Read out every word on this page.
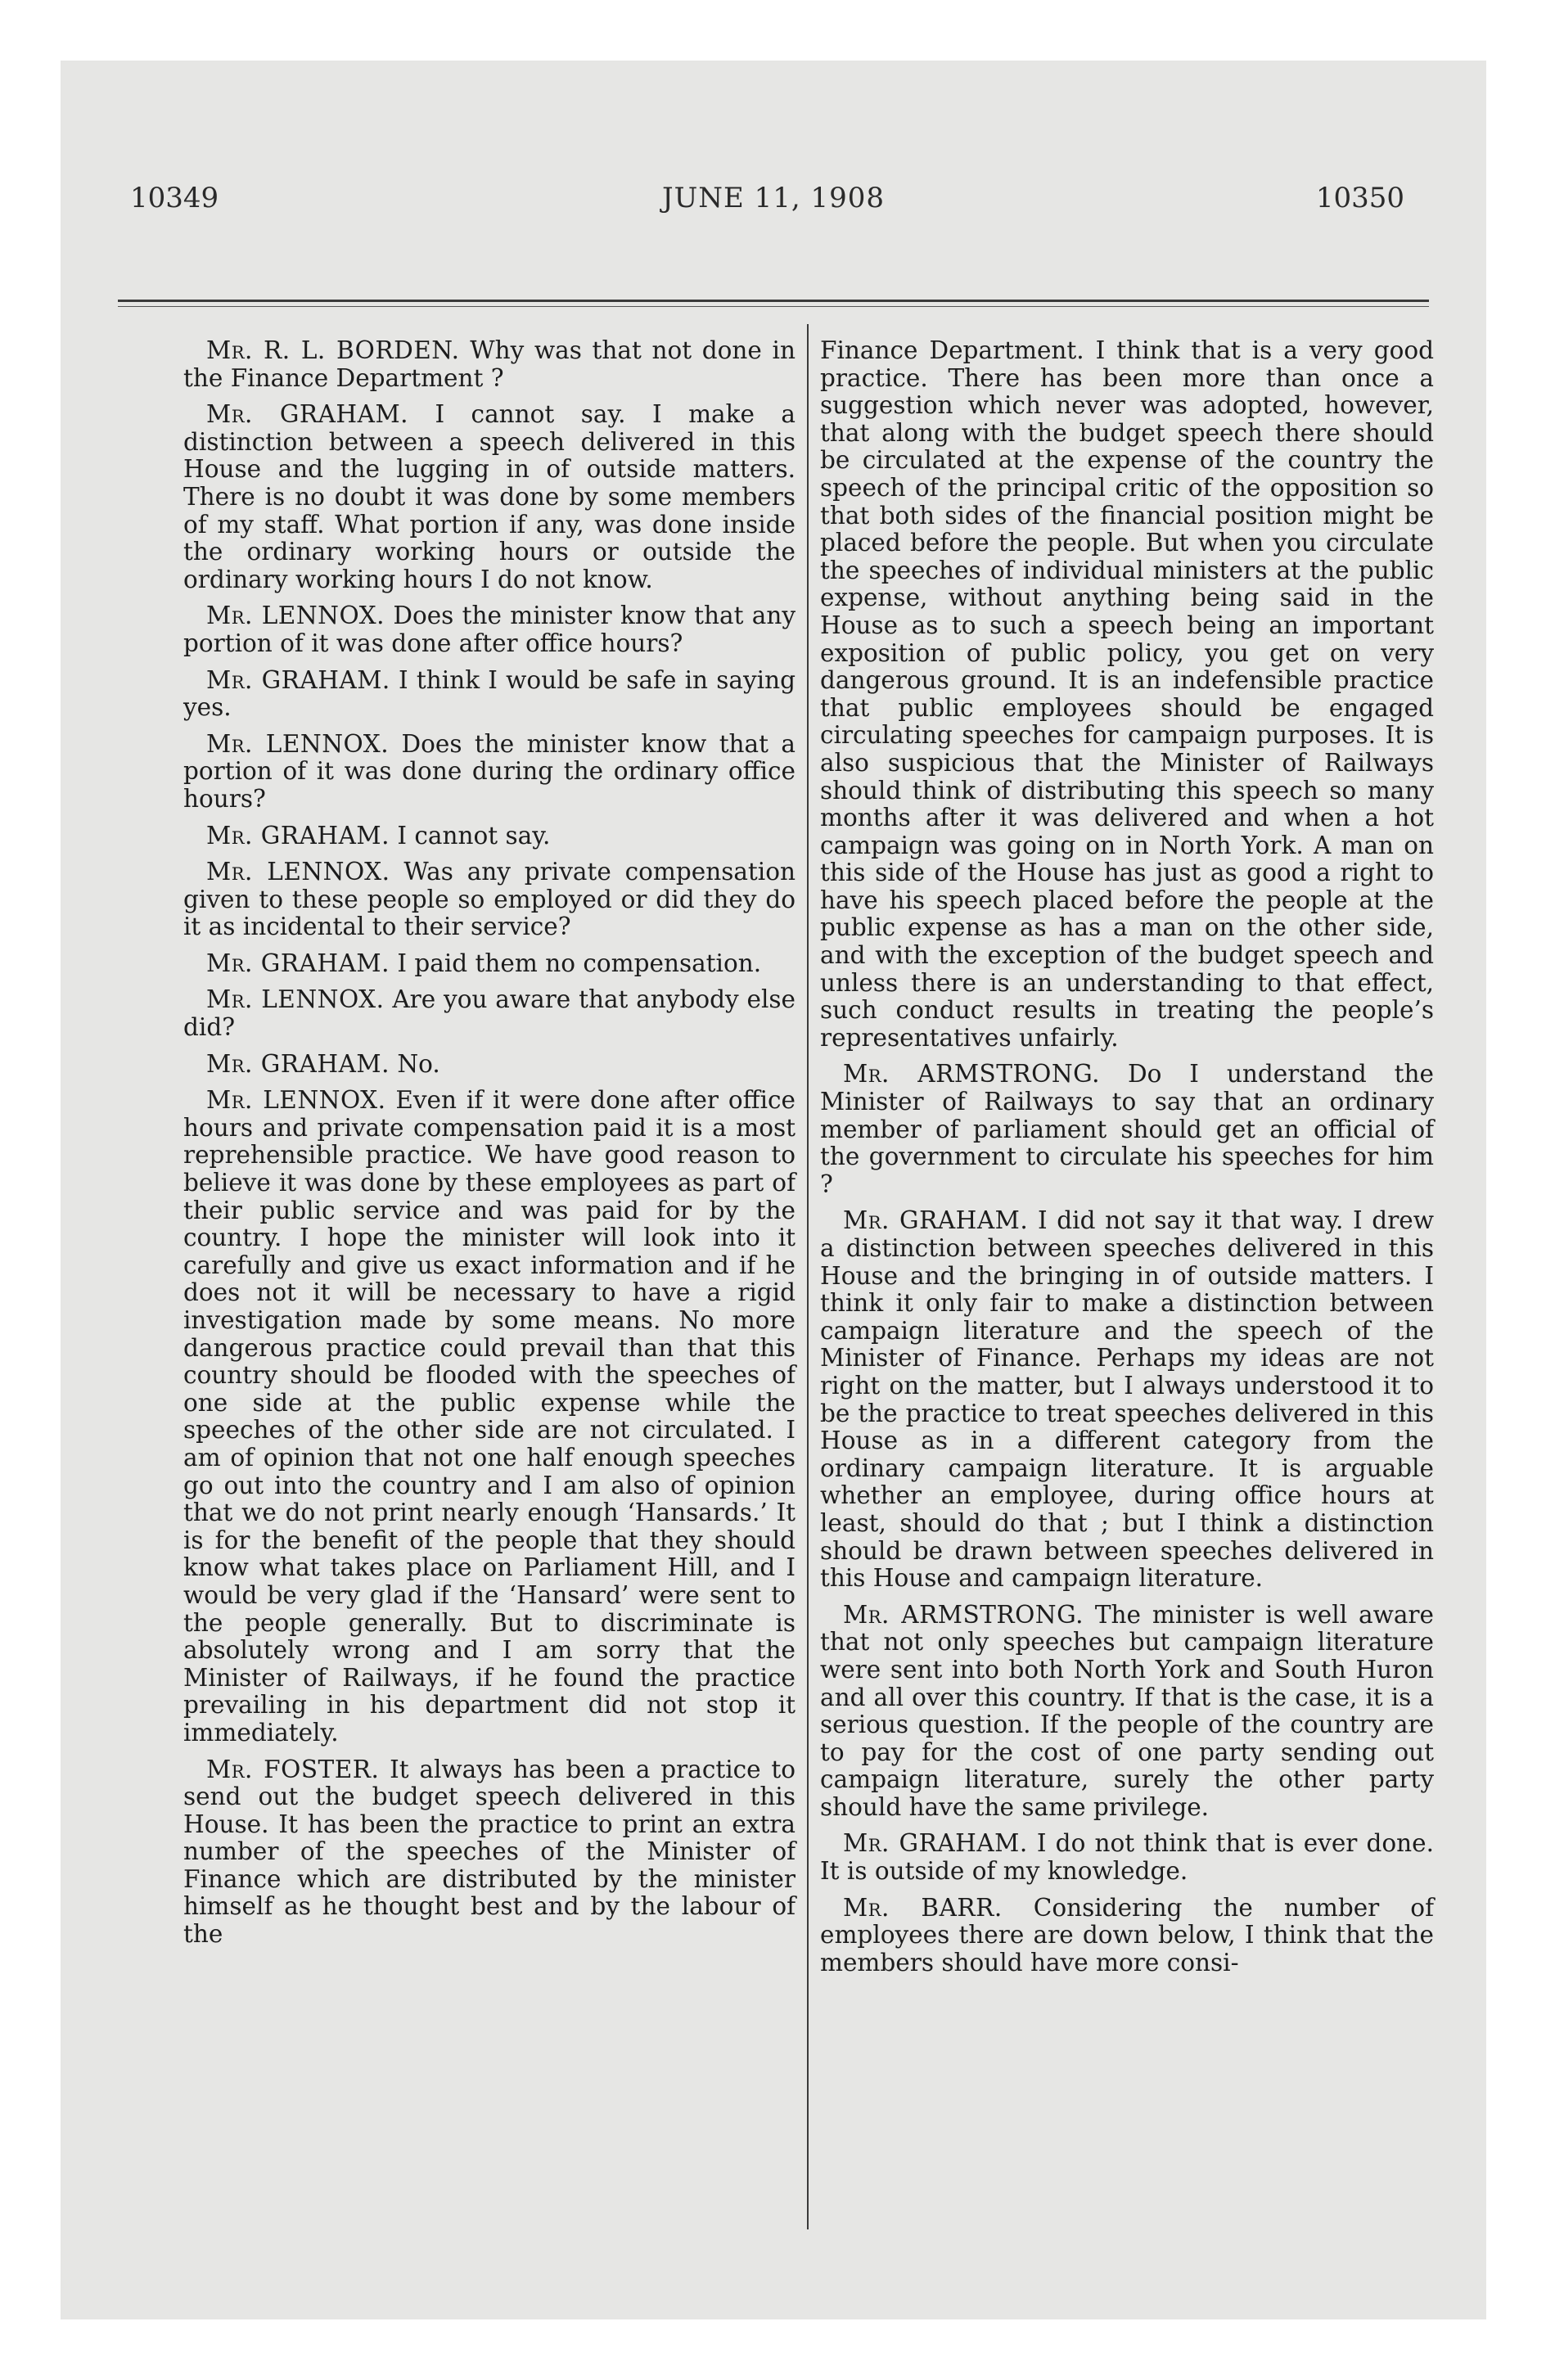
10349	JUNE 11, 1908	10350

Mr. R. L. BORDEN. Why was that not done in the Finance Department ?

Mr. GRAHAM. I cannot say. I make a distinction between a speech delivered in this House and the lugging in of outside matters. There is no doubt it was done by some members of my staff. What portion if any, was done inside the ordinary working hours or outside the ordinary working hours I do not know.

Mr. LENNOX. Does the minister know that any portion of it was done after office hours?

Mr. GRAHAM. I think I would be safe in saying yes.

Mr. LENNOX. Does the minister know that a portion of it was done during the ordinary office hours?

Mr. GRAHAM. I cannot say.

Mr. LENNOX. Was any private compensation given to these people so employed or did they do it as incidental to their service?

Mr. GRAHAM. I paid them no compensation.

Mr. LENNOX. Are you aware that anybody else did?

Mr. GRAHAM. No.

Mr. LENNOX. Even if it were done after office hours and private compensation paid it is a most reprehensible practice. We have good reason to believe it was done by these employees as part of their public service and was paid for by the country. I hope the minister will look into it carefully and give us exact information and if he does not it will be necessary to have a rigid investigation made by some means. No more dangerous practice could prevail than that this country should be flooded with the speeches of one side at the public expense while the speeches of the other side are not circulated. I am of opinion that not one half enough speeches go out into the country and I am also of opinion that we do not print nearly enough ‘Hansards.’ It is for the benefit of the people that they should know what takes place on Parliament Hill, and I would be very glad if the ‘Hansard’ were sent to the people generally. But to discriminate is absolutely wrong and I am sorry that the Minister of Railways, if he found the practice prevailing in his department did not stop it immediately.

Mr. FOSTER. It always has been a practice to send out the budget speech delivered in this House. It has been the practice to print an extra number of the speeches of the Minister of Finance which are distributed by the minister himself as he thought best and by the labour of the

Finance Department. I think that is a very good practice. There has been more than once a suggestion which never was adopted, however, that along with the budget speech there should be circulated at the expense of the country the speech of the principal critic of the opposition so that both sides of the financial position might be placed before the people. But when you circulate the speeches of individual ministers at the public expense, without anything being said in the House as to such a speech being an important exposition of public policy, you get on very dangerous ground. It is an indefensible practice that public employees should be engaged circulating speeches for campaign purposes. It is also suspicious that the Minister of Railways should think of distributing this speech so many months after it was delivered and when a hot campaign was going on in North York. A man on this side of the House has just as good a right to have his speech placed before the people at the public expense as has a man on the other side, and with the exception of the budget speech and unless there is an understanding to that effect, such conduct results in treating the people’s representatives unfairly.

Mr. ARMSTRONG. Do I understand the Minister of Railways to say that an ordinary member of parliament should get an official of the government to circulate his speeches for him ?

Mr. GRAHAM. I did not say it that way. I drew a distinction between speeches delivered in this House and the bringing in of outside matters. I think it only fair to make a distinction between campaign literature and the speech of the Minister of Finance. Perhaps my ideas are not right on the matter, but I always understood it to be the practice to treat speeches delivered in this House as in a different category from the ordinary campaign literature. It is arguable whether an employee, during office hours at least, should do that ; but I think a distinction should be drawn between speeches delivered in this House and campaign literature.

Mr. ARMSTRONG. The minister is well aware that not only speeches but campaign literature were sent into both North York and South Huron and all over this country. If that is the case, it is a serious question. If the people of the country are to pay for the cost of one party sending out campaign literature, surely the other party should have the same privilege.

Mr. GRAHAM. I do not think that is ever done. It is outside of my knowledge.

Mr. BARR. Considering the number of employees there are down below, I think that the members should have more consi-
